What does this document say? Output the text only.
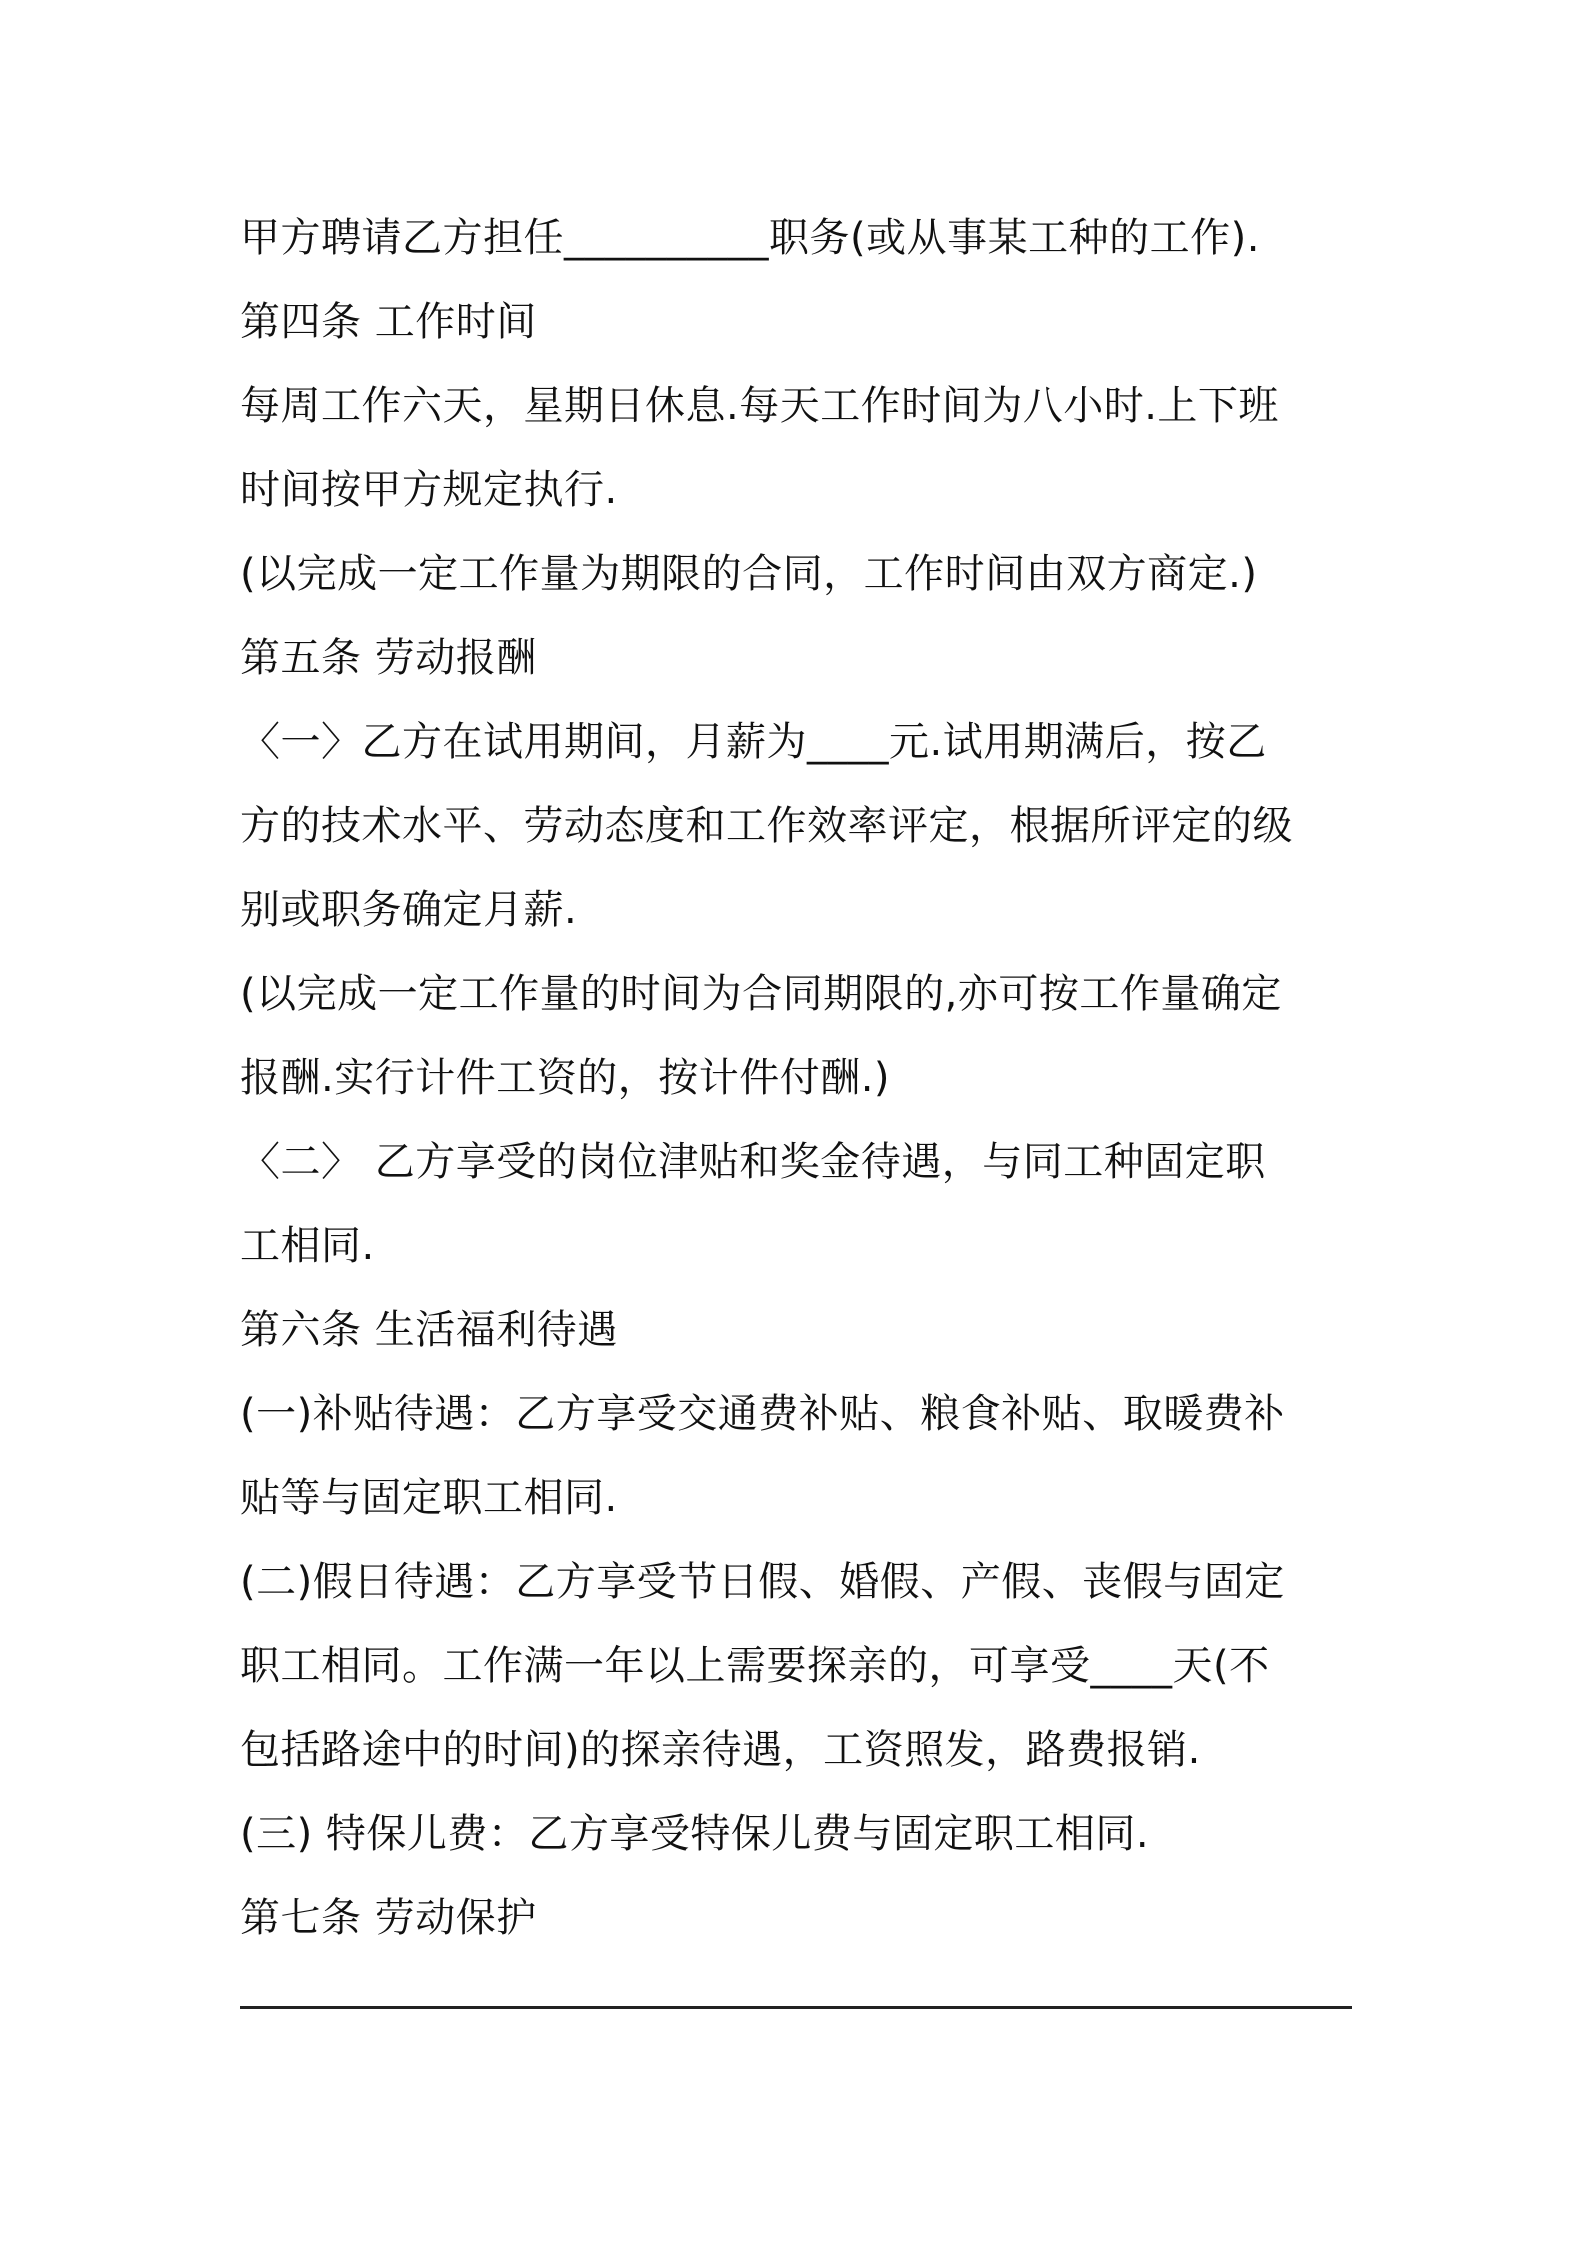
甲方聘请乙方担任__________职务(或从事某工种的工作).
第四条 工作时间
每周工作六天，星期日休息.每天工作时间为八小时.上下班
时间按甲方规定执行.
(以完成一定工作量为期限的合同，工作时间由双方商定.)
第五条 劳动报酬
〈一〉乙方在试用期间，月薪为____元.试用期满后，按乙
方的技术水平、劳动态度和工作效率评定，根据所评定的级
别或职务确定月薪.
(以完成一定工作量的时间为合同期限的,亦可按工作量确定
报酬.实行计件工资的，按计件付酬.)
〈二〉 乙方享受的岗位津贴和奖金待遇，与同工种固定职
工相同.
第六条 生活福利待遇
(一)补贴待遇：乙方享受交通费补贴、粮食补贴、取暖费补
贴等与固定职工相同.
(二)假日待遇：乙方享受节日假、婚假、产假、丧假与固定
职工相同。工作满一年以上需要探亲的，可享受____天(不
包括路途中的时间)的探亲待遇，工资照发，路费报销.
(三) 特保儿费：乙方享受特保儿费与固定职工相同.
第七条 劳动保护
